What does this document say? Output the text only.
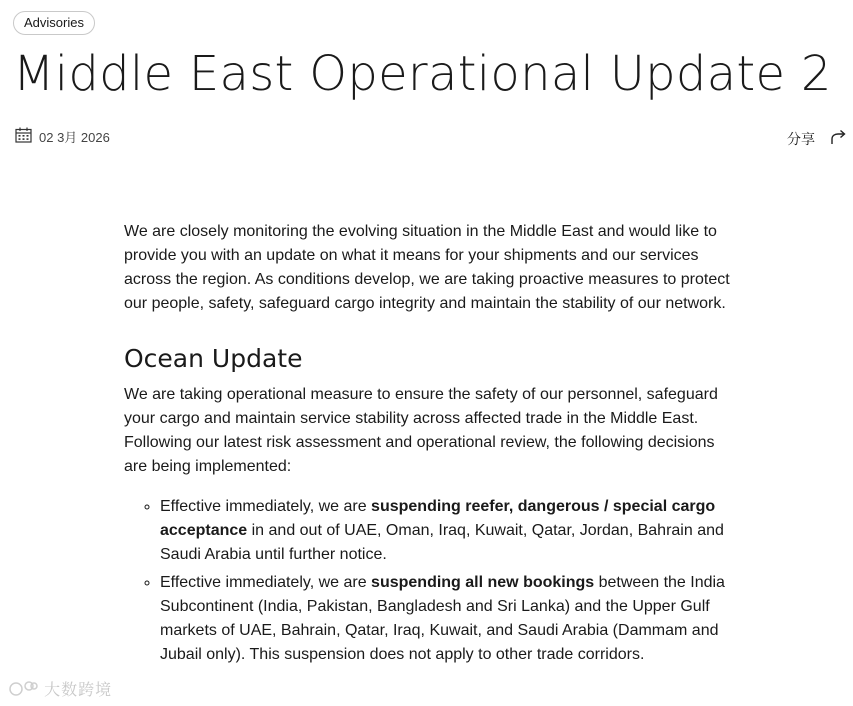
Advisories
Middle East Operational Update 2
02 3月 2026	分享

We are closely monitoring the evolving situation in the Middle East and would like to provide you with an update on what it means for your shipments and our services across the region. As conditions develop, we are taking proactive measures to protect our people, safety, safeguard cargo integrity and maintain the stability of our network.

Ocean Update

We are taking operational measure to ensure the safety of our personnel, safeguard your cargo and maintain service stability across affected trade in the Middle East. Following our latest risk assessment and operational review, the following decisions are being implemented:

◦ Effective immediately, we are suspending reefer, dangerous / special cargo acceptance in and out of UAE, Oman, Iraq, Kuwait, Qatar, Jordan, Bahrain and Saudi Arabia until further notice.
◦ Effective immediately, we are suspending all new bookings between the India Subcontinent (India, Pakistan, Bangladesh and Sri Lanka) and the Upper Gulf markets of UAE, Bahrain, Qatar, Iraq, Kuwait, and Saudi Arabia (Dammam and Jubail only). This suspension does not apply to other trade corridors.
大数跨境
